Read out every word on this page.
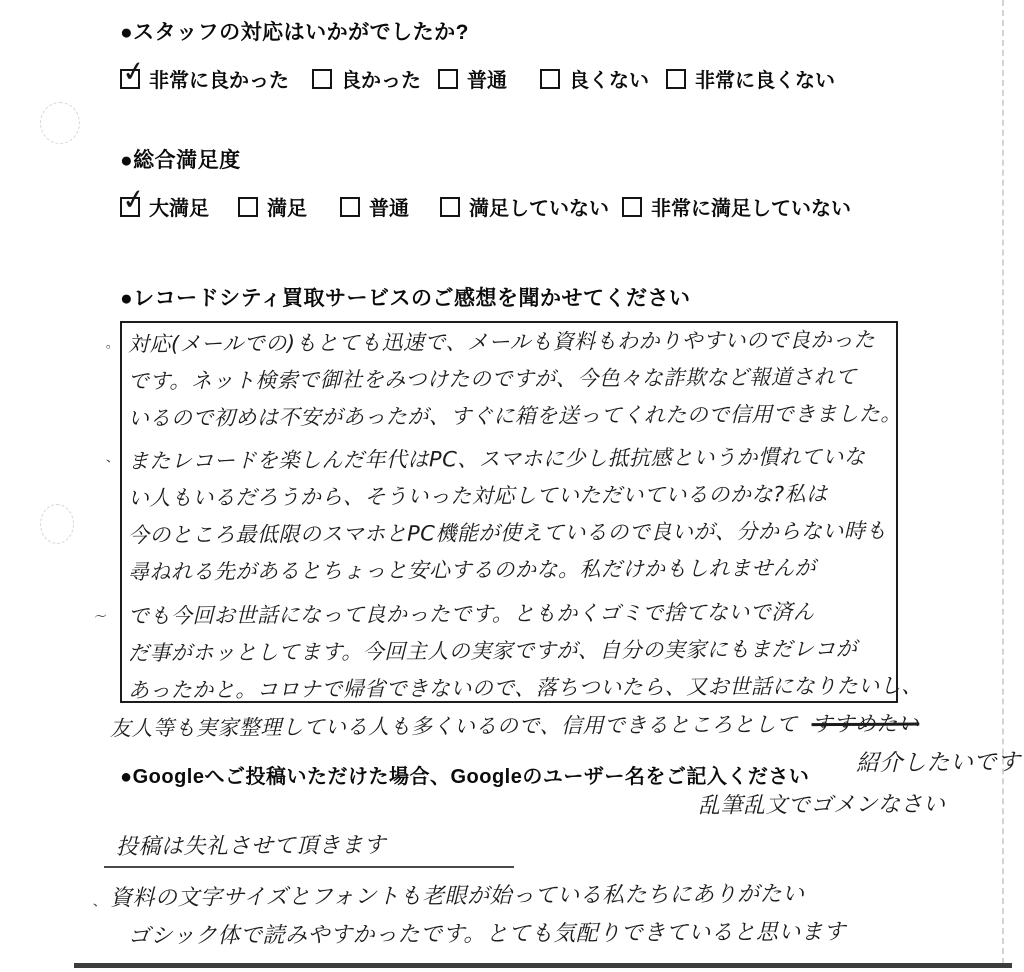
●スタッフの対応はいかがでしたか?
✓ 非常に良かった	良かった 普通	良くない 非常に良くない
●総合満足度
✓ 大満足	満足	普通	満足していない 非常に満足していない
●レコードシティ買取サービスのご感想を聞かせてください
。
、
〜
対応(メールでの)もとても迅速で、メールも資料もわかりやすいので良かった
です。ネット検索で御社をみつけたのですが、今色々な詐欺など報道されて
いるので初めは不安があったが、すぐに箱を送ってくれたので信用できました。
またレコードを楽しんだ年代はPC、スマホに少し抵抗感というか慣れていな
い人もいるだろうから、そういった対応していただいているのかな?私は
今のところ最低限のスマホとPC機能が使えているので良いが、分からない時も
尋ねれる先があるとちょっと安心するのかな。私だけかもしれませんが
でも今回お世話になって良かったです。ともかくゴミで捨てないで済ん
だ事がホッとしてます。今回主人の実家ですが、自分の実家にもまだレコが
あったかと。コロナで帰省できないので、落ちついたら、又お世話になりたいし、
友人等も実家整理している人も多くいるので、信用できるところとして すすめたい
紹介したいです
乱筆乱文でゴメンなさい
●Googleへご投稿いただけた場合、Googleのユーザー名をご記入ください
投稿は失礼させて頂きます
、 資料の文字サイズとフォントも老眼が始っている私たちにありがたい
ゴシック体で読みやすかったです。とても気配りできていると思います
